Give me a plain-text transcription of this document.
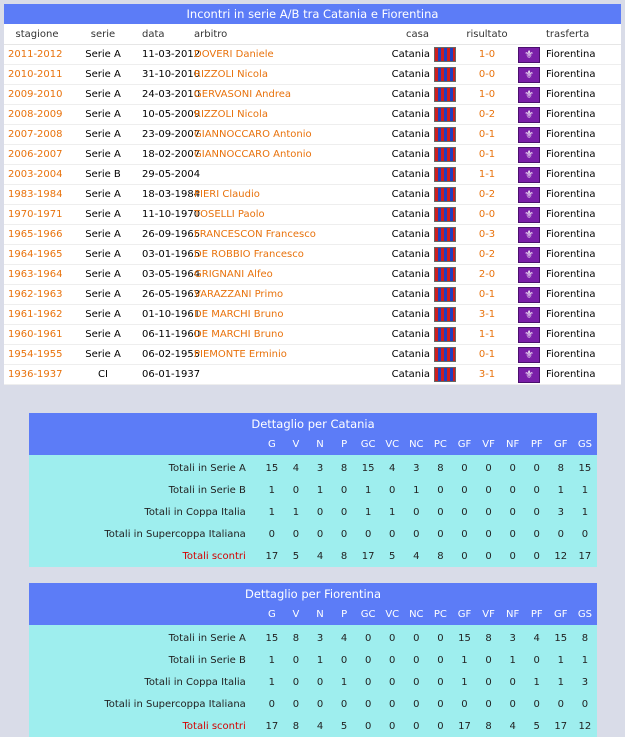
Incontri in serie A/B tra Catania e Fiorentina
stagione	serie	data	arbitro	casa		risultato		trasferta
2011-2012	Serie A	11-03-2012	DOVERI Daniele	Catania		1-0	⚜	Fiorentina
2010-2011	Serie A	31-10-2010	RIZZOLI Nicola	Catania		0-0	⚜	Fiorentina
2009-2010	Serie A	24-03-2010	GERVASONI Andrea	Catania		1-0	⚜	Fiorentina
2008-2009	Serie A	10-05-2009	RIZZOLI Nicola	Catania		0-2	⚜	Fiorentina
2007-2008	Serie A	23-09-2007	GIANNOCCARO Antonio	Catania		0-1	⚜	Fiorentina
2006-2007	Serie A	18-02-2007	GIANNOCCARO Antonio	Catania		0-1	⚜	Fiorentina
2003-2004	Serie B	29-05-2004		Catania		1-1	⚜	Fiorentina
1983-1984	Serie A	18-03-1984	PIERI Claudio	Catania		0-2	⚜	Fiorentina
1970-1971	Serie A	11-10-1970	TOSELLI Paolo	Catania		0-0	⚜	Fiorentina
1965-1966	Serie A	26-09-1965	FRANCESCON Francesco	Catania		0-3	⚜	Fiorentina
1964-1965	Serie A	03-01-1965	DE ROBBIO Francesco	Catania		0-2	⚜	Fiorentina
1963-1964	Serie A	03-05-1964	GRIGNANI Alfeo	Catania		2-0	⚜	Fiorentina
1962-1963	Serie A	26-05-1963	VARAZZANI Primo	Catania		0-1	⚜	Fiorentina
1961-1962	Serie A	01-10-1961	DE MARCHI Bruno	Catania		3-1	⚜	Fiorentina
1960-1961	Serie A	06-11-1960	DE MARCHI Bruno	Catania		1-1	⚜	Fiorentina
1954-1955	Serie A	06-02-1955	PIEMONTE Erminio	Catania		0-1	⚜	Fiorentina
1936-1937	CI	06-01-1937		Catania		3-1	⚜	Fiorentina
Dettaglio per Catania
	G	V	N	P	GC	VC	NC	PC	GF	VF	NF	PF	GF	GS
Totali in Serie A	15	4	3	8	15	4	3	8	0	0	0	0	8	15
Totali in Serie B	1	0	1	0	1	0	1	0	0	0	0	0	1	1
Totali in Coppa Italia	1	1	0	0	1	1	0	0	0	0	0	0	3	1
Totali in Supercoppa Italiana	0	0	0	0	0	0	0	0	0	0	0	0	0	0
Totali scontri	17	5	4	8	17	5	4	8	0	0	0	0	12	17
Dettaglio per Fiorentina
	G	V	N	P	GC	VC	NC	PC	GF	VF	NF	PF	GF	GS
Totali in Serie A	15	8	3	4	0	0	0	0	15	8	3	4	15	8
Totali in Serie B	1	0	1	0	0	0	0	0	1	0	1	0	1	1
Totali in Coppa Italia	1	0	0	1	0	0	0	0	1	0	0	1	1	3
Totali in Supercoppa Italiana	0	0	0	0	0	0	0	0	0	0	0	0	0	0
Totali scontri	17	8	4	5	0	0	0	0	17	8	4	5	17	12
